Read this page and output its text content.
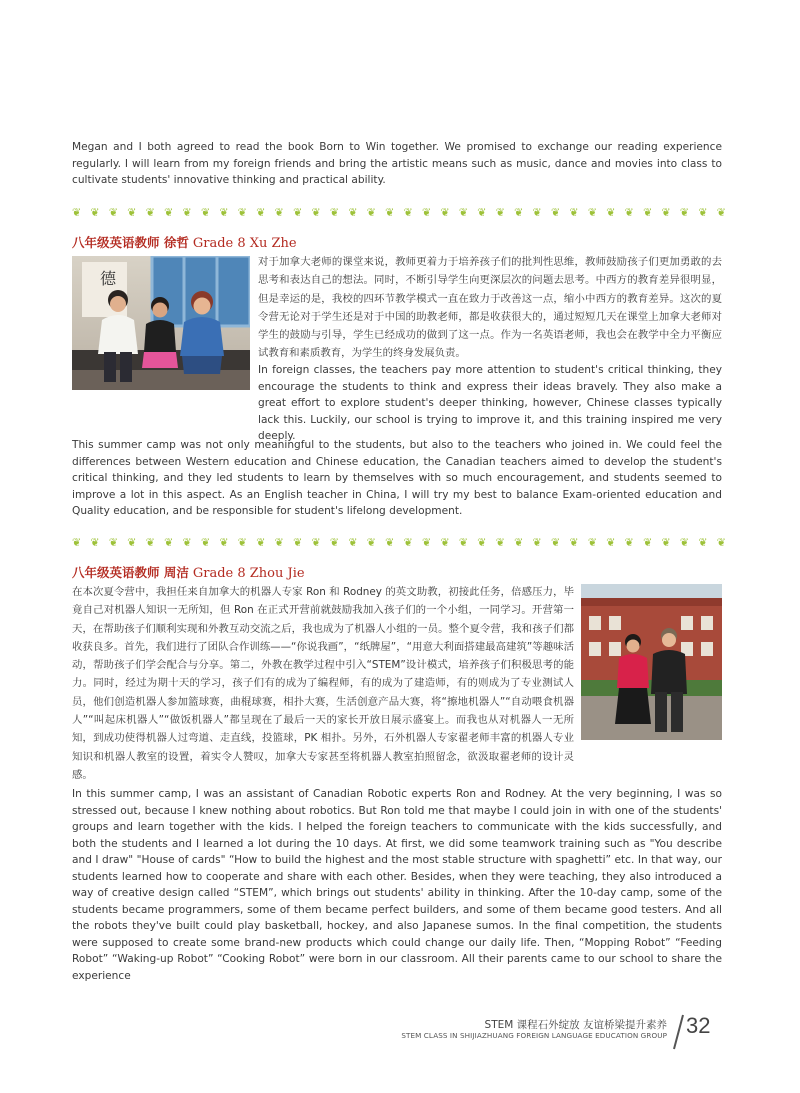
Megan and I both agreed to read the book Born to Win together. We promised to exchange our reading experience regularly. I will learn from my foreign friends and bring the artistic means such as music, dance and movies into class to cultivate students' innovative thinking and practical ability.

❦ ❦ ❦ ❦ ❦ ❦ ❦ ❦ ❦ ❦ ❦ ❦ ❦ ❦ ❦ ❦ ❦ ❦ ❦ ❦ ❦ ❦ ❦ ❦ ❦ ❦ ❦ ❦ ❦ ❦ ❦ ❦ ❦ ❦ ❦ ❦
八年级英语教师 徐哲 Grade 8 Xu Zhe
德

对于加拿大老师的课堂来说，教师更着力于培养孩子们的批判性思维，教师鼓励孩子们更加勇敢的去思考和表达自己的想法。同时，不断引导学生向更深层次的问题去思考。中西方的教育差异很明显，但是幸运的是，我校的四环节教学模式一直在致力于改善这一点，缩小中西方的教育差异。这次的夏令营无论对于学生还是对于中国的助教老师，都是收获很大的，通过短短几天在课堂上加拿大老师对学生的鼓励与引导，学生已经成功的做到了这一点。作为一名英语老师，我也会在教学中全力平衡应试教育和素质教育，为学生的终身发展负责。

In foreign classes, the teachers pay more attention to student's critical thinking, they encourage the students to think and express their ideas bravely. They also make a great effort to explore student's deeper thinking, however, Chinese classes typically lack this. Luckily, our school is trying to improve it, and this training inspired me very deeply.

This summer camp was not only meaningful to the students, but also to the teachers who joined in. We could feel the differences between Western education and Chinese education, the Canadian teachers aimed to develop the student's critical thinking, and they led students to learn by themselves with so much encouragement, and students seemed to improve a lot in this aspect. As an English teacher in China, I will try my best to balance Exam-oriented education and Quality education, and be responsible for student's lifelong development.

❦ ❦ ❦ ❦ ❦ ❦ ❦ ❦ ❦ ❦ ❦ ❦ ❦ ❦ ❦ ❦ ❦ ❦ ❦ ❦ ❦ ❦ ❦ ❦ ❦ ❦ ❦ ❦ ❦ ❦ ❦ ❦ ❦ ❦ ❦ ❦
八年级英语教师 周洁 Grade 8 Zhou Jie

在本次夏令营中，我担任来自加拿大的机器人专家 Ron 和 Rodney 的英文助教，初接此任务，倍感压力，毕竟自己对机器人知识一无所知，但 Ron 在正式开营前就鼓励我加入孩子们的一个小组，一同学习。开营第一天，在帮助孩子们顺利实现和外教互动交流之后，我也成为了机器人小组的一员。整个夏令营，我和孩子们都收获良多。首先，我们进行了团队合作训练——“你说我画”，“纸牌屋”，“用意大利面搭建最高建筑”等趣味活动，帮助孩子们学会配合与分享。第二，外教在教学过程中引入“STEM”设计模式，培养孩子们积极思考的能力。同时，经过为期十天的学习，孩子们有的成为了编程师，有的成为了建造师，有的则成为了专业测试人员，他们创造机器人参加篮球赛，曲棍球赛，相扑大赛，生活创意产品大赛，将“擦地机器人”“自动喂食机器人”“叫起床机器人”“做饭机器人”都呈现在了最后一天的家长开放日展示盛宴上。而我也从对机器人一无所知，到成功使得机器人过弯道、走直线，投篮球，PK 相扑。另外，石外机器人专家翟老师丰富的机器人专业知识和机器人教室的设置，着实令人赞叹，加拿大专家甚至将机器人教室拍照留念，欲汲取翟老师的设计灵感。

In this summer camp, I was an assistant of Canadian Robotic experts Ron and Rodney. At the very beginning, I was so stressed out, because I knew nothing about robotics. But Ron told me that maybe I could join in with one of the students' groups and learn together with the kids. I helped the foreign teachers to communicate with the kids successfully, and both the students and I learned a lot during the 10 days. At first, we did some teamwork training such as "You describe and I draw" "House of cards" “How to build the highest and the most stable structure with spaghetti” etc. In that way, our students learned how to cooperate and share with each other. Besides, when they were teaching, they also introduced a way of creative design called “STEM”, which brings out students' ability in thinking. After the 10-day camp, some of the students became programmers, some of them became perfect builders, and some of them became good testers. And all the robots they've built could play basketball, hockey, and also Japanese sumos. In the final competition, the students were supposed to create some brand-new products which could change our daily life. Then, “Mopping Robot” “Feeding Robot” “Waking-up Robot” “Cooking Robot” were born in our classroom. All their parents came to our school to share the experience

STEM 课程石外绽放 友谊桥梁提升素养
STEM CLASS IN SHIJIAZHUANG FOREIGN LANGUAGE EDUCATION GROUP 32
